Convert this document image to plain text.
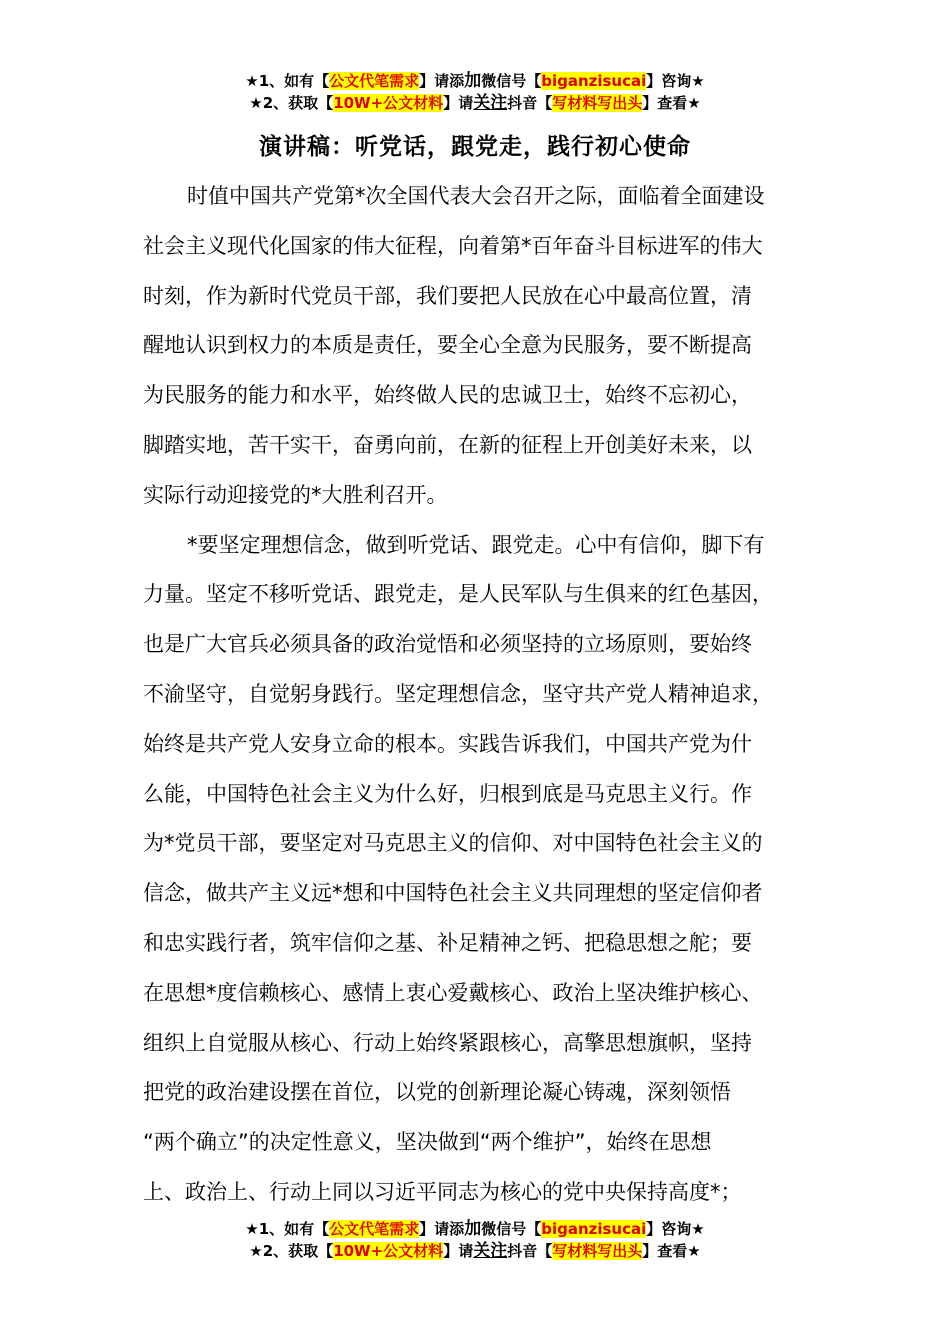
★1、如有【公文代笔需求】请添加微信号【biganzisucai】咨询★
★2、获取【10W+公文材料】请关注抖音【写材料写出头】查看★
演讲稿：听党话，跟党走，践行初心使命
时值中国共产党第*次全国代表大会召开之际，面临着全面建设
社会主义现代化国家的伟大征程，向着第*百年奋斗目标进军的伟大
时刻，作为新时代党员干部，我们要把人民放在心中最高位置，清
醒地认识到权力的本质是责任，要全心全意为民服务，要不断提高
为民服务的能力和水平，始终做人民的忠诚卫士，始终不忘初心，
脚踏实地，苦干实干，奋勇向前，在新的征程上开创美好未来，以
实际行动迎接党的*大胜利召开。
*要坚定理想信念，做到听党话、跟党走。心中有信仰，脚下有
力量。坚定不移听党话、跟党走，是人民军队与生俱来的红色基因，
也是广大官兵必须具备的政治觉悟和必须坚持的立场原则，要始终
不渝坚守，自觉躬身践行。坚定理想信念，坚守共产党人精神追求，
始终是共产党人安身立命的根本。实践告诉我们，中国共产党为什
么能，中国特色社会主义为什么好，归根到底是马克思主义行。作
为*党员干部，要坚定对马克思主义的信仰、对中国特色社会主义的
信念，做共产主义远*想和中国特色社会主义共同理想的坚定信仰者
和忠实践行者，筑牢信仰之基、补足精神之钙、把稳思想之舵；要
在思想*度信赖核心、感情上衷心爱戴核心、政治上坚决维护核心、
组织上自觉服从核心、行动上始终紧跟核心，高擎思想旗帜，坚持
把党的政治建设摆在首位，以党的创新理论凝心铸魂，深刻领悟
“两个确立”的决定性意义，坚决做到“两个维护”，始终在思想
上、政治上、行动上同以习近平同志为核心的党中央保持高度*；
★1、如有【公文代笔需求】请添加微信号【biganzisucai】咨询★
★2、获取【10W+公文材料】请关注抖音【写材料写出头】查看★
